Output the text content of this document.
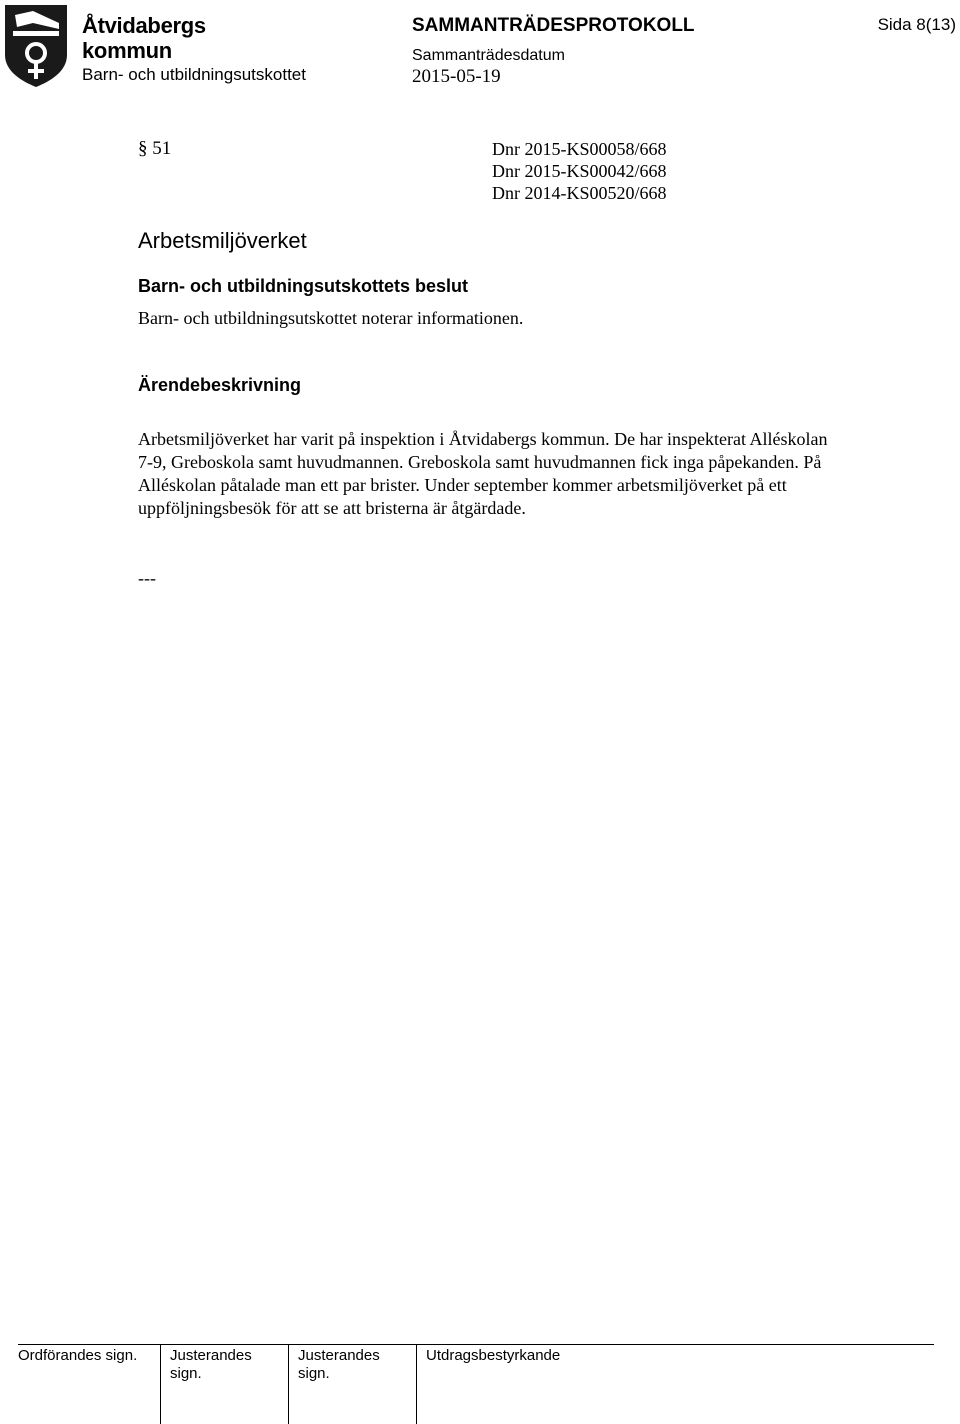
Åtvidabergs
kommun
Barn- och utbildningsutskottet
SAMMANTRÄDESPROTOKOLL
Sammanträdesdatum
2015-05-19
Sida 8(13)
§ 51	Dnr 2015-KS00058/668
Dnr 2015-KS00042/668
Dnr 2014-KS00520/668
Arbetsmiljöverket
Barn- och utbildningsutskottets beslut
Barn- och utbildningsutskottet noterar informationen.
Ärendebeskrivning
Arbetsmiljöverket har varit på inspektion i Åtvidabergs kommun. De har inspekterat Alléskolan 7-9, Greboskola samt huvudmannen. Greboskola samt huvudmannen fick inga påpekanden. På Alléskolan påtalade man ett par brister. Under september kommer arbetsmiljöverket på ett uppföljningsbesök för att se att bristerna är åtgärdade.
---
Ordförandes sign.	Justerandes sign.
Justerandes sign.
Utdragsbestyrkande
